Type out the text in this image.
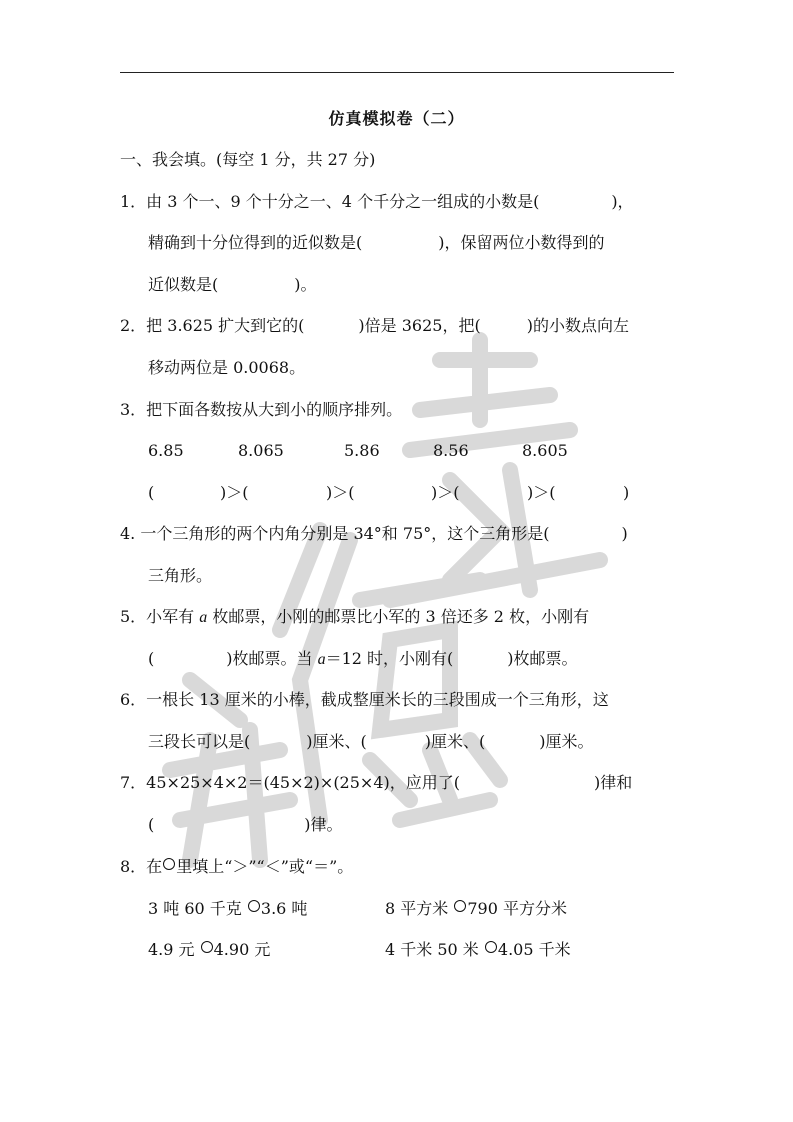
仿真模拟卷（二）
一、我会填。(每空 1 分，共 27 分)
1．由 3 个一、9 个十分之一、4 个千分之一组成的小数是(	)，
精确到十分位得到的近似数是(	)，保留两位小数得到的
近似数是(	)。
2．把 3.625 扩大到它的(	)倍是 3625，把(	)的小数点向左
移动两位是 0.0068。
3．把下面各数按从大到小的顺序排列。
6.85	8.065	5.86	8.56	8.605
(	)＞(	)＞(	)＞(	)＞(	)
4. 一个三角形的两个内角分别是 34°和 75°，这个三角形是(	)
三角形。
5．小军有 a 枚邮票，小刚的邮票比小军的 3 倍还多 2 枚，小刚有
(	)枚邮票。当 a＝12 时，小刚有(	)枚邮票。
6．一根长 13 厘米的小棒，截成整厘米长的三段围成一个三角形，这
三段长可以是(	)厘米、(	)厘米、(	)厘米。
7．45×25×4×2＝(45×2)×(25×4)，应用了(	)律和
(	)律。
8．在 里填上“＞”“＜”或“＝”。
3 吨 60 千克 3.6 吨	8 平方米 790 平方分米
4.9 元 4.90 元	4 千米 50 米 4.05 千米
